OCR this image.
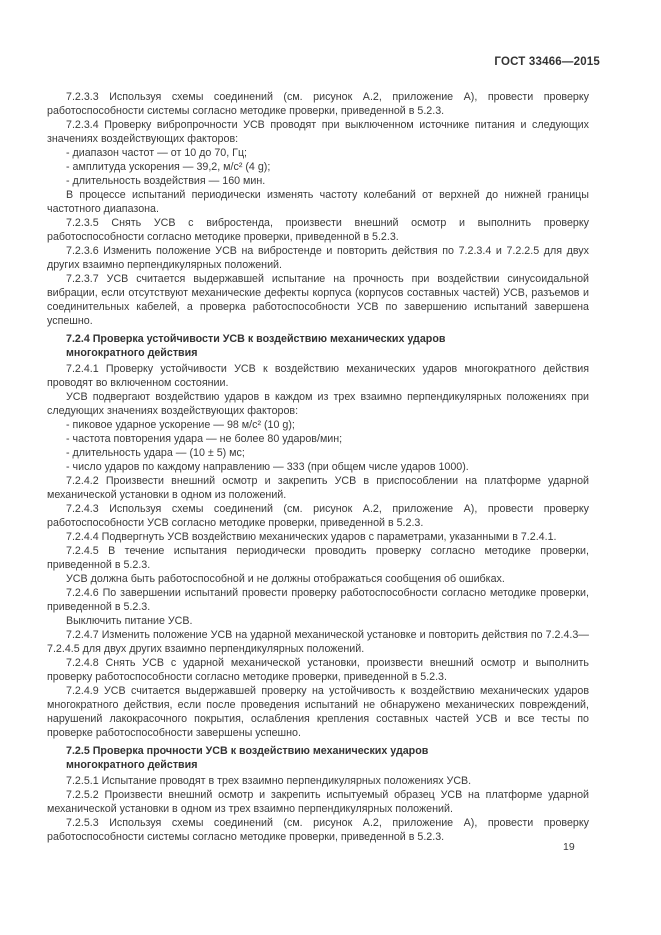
ГОСТ 33466—2015

7.2.3.3 Используя схемы соединений (см. рисунок А.2, приложение А), провести проверку работоспособности системы согласно методике проверки, приведенной в 5.2.3.

7.2.3.4 Проверку вибропрочности УСВ проводят при выключенном источнике питания и следующих значениях воздействующих факторов:

- диапазон частот — от 10 до 70, Гц;

- амплитуда ускорения — 39,2, м/с² (4 g);

- длительность воздействия — 160 мин.

В процессе испытаний периодически изменять частоту колебаний от верхней до нижней границы частотного диапазона.

7.2.3.5 Снять УСВ с вибростенда, произвести внешний осмотр и выполнить проверку работоспособности согласно методике проверки, приведенной в 5.2.3.

7.2.3.6 Изменить положение УСВ на вибростенде и повторить действия по 7.2.3.4 и 7.2.2.5 для двух других взаимно перпендикулярных положений.

7.2.3.7 УСВ считается выдержавшей испытание на прочность при воздействии синусоидальной вибрации, если отсутствуют механические дефекты корпуса (корпусов составных частей) УСВ, разъемов и соединительных кабелей, а проверка работоспособности УСВ по завершению испытаний завершена успешно.

7.2.4 Проверка устойчивости УСВ к воздействию механических ударов многократного действия

7.2.4.1 Проверку устойчивости УСВ к воздействию механических ударов многократного действия проводят во включенном состоянии.

УСВ подвергают воздействию ударов в каждом из трех взаимно перпендикулярных положениях при следующих значениях воздействующих факторов:

- пиковое ударное ускорение — 98 м/с² (10 g);

- частота повторения удара — не более 80 ударов/мин;

- длительность удара — (10 ± 5) мс;

- число ударов по каждому направлению — 333 (при общем числе ударов 1000).

7.2.4.2 Произвести внешний осмотр и закрепить УСВ в приспособлении на платформе ударной механической установки в одном из положений.

7.2.4.3 Используя схемы соединений (см. рисунок А.2, приложение А), провести проверку работоспособности УСВ согласно методике проверки, приведенной в 5.2.3.

7.2.4.4 Подвергнуть УСВ воздействию механических ударов с параметрами, указанными в 7.2.4.1.

7.2.4.5 В течение испытания периодически проводить проверку согласно методике проверки, приведенной в 5.2.3.

УСВ должна быть работоспособной и не должны отображаться сообщения об ошибках.

7.2.4.6 По завершении испытаний провести проверку работоспособности согласно методике проверки, приведенной в 5.2.3.

Выключить питание УСВ.

7.2.4.7 Изменить положение УСВ на ударной механической установке и повторить действия по 7.2.4.3—7.2.4.5 для двух других взаимно перпендикулярных положений.

7.2.4.8 Снять УСВ с ударной механической установки, произвести внешний осмотр и выполнить проверку работоспособности согласно методике проверки, приведенной в 5.2.3.

7.2.4.9 УСВ считается выдержавшей проверку на устойчивость к воздействию механических ударов многократного действия, если после проведения испытаний не обнаружено механических повреждений, нарушений лакокрасочного покрытия, ослабления крепления составных частей УСВ и все тесты по проверке работоспособности завершены успешно.

7.2.5 Проверка прочности УСВ к воздействию механических ударов многократного действия

7.2.5.1 Испытание проводят в трех взаимно перпендикулярных положениях УСВ.

7.2.5.2 Произвести внешний осмотр и закрепить испытуемый образец УСВ на платформе ударной механической установки в одном из трех взаимно перпендикулярных положений.

7.2.5.3 Используя схемы соединений (см. рисунок А.2, приложение А), провести проверку работоспособности системы согласно методике проверки, приведенной в 5.2.3.

19
